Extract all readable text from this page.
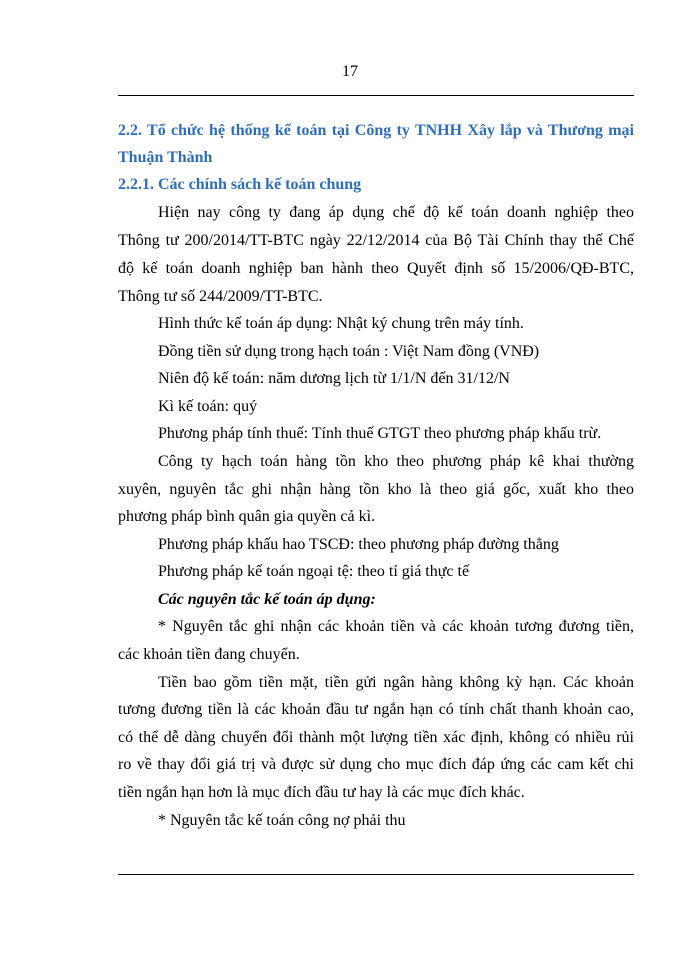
17
2.2. Tổ chức hệ thống kế toán tại Công ty TNHH Xây lắp và Thương mại
Thuận Thành
2.2.1. Các chính sách kế toán chung
Hiện nay công ty đang áp dụng chế độ kế toán doanh nghiệp theo
Thông tư 200/2014/TT-BTC ngày 22/12/2014 của Bộ Tài Chính thay thế Chế
độ kế toán doanh nghiệp ban hành theo Quyết định số 15/2006/QĐ-BTC,
Thông tư số 244/2009/TT-BTC.
Hình thức kế toán áp dụng: Nhật ký chung trên máy tính.
Đồng tiền sử dụng trong hạch toán : Việt Nam đồng (VNĐ)
Niên độ kế toán: năm dương lịch từ 1/1/N đến 31/12/N
Kì kế toán: quý
Phương pháp tính thuế: Tính thuế GTGT theo phương pháp khấu trừ.
Công ty hạch toán hàng tồn kho theo phương pháp kê khai thường
xuyên, nguyên tắc ghi nhận hàng tồn kho là theo giá gốc, xuất kho theo
phương pháp bình quân gia quyền cả kì.
Phương pháp khấu hao TSCĐ: theo phương pháp đường thẳng
Phương pháp kế toán ngoại tệ: theo tỉ giá thực tế
Các nguyên tắc kế toán áp dụng:
* Nguyên tắc ghi nhận các khoản tiền và các khoản tương đương tiền,
các khoản tiền đang chuyển.
Tiền bao gồm tiền mặt, tiền gửi ngân hàng không kỳ hạn. Các khoản
tương đương tiền là các khoản đầu tư ngắn hạn có tính chất thanh khoản cao,
có thể dễ dàng chuyển đổi thành một lượng tiền xác định, không có nhiều rủi
ro về thay đổi giá trị và được sử dụng cho mục đích đáp ứng các cam kết chi
tiền ngắn hạn hơn là mục đích đầu tư hay là các mục đích khác.
* Nguyên tắc kế toán công nợ phải thu
